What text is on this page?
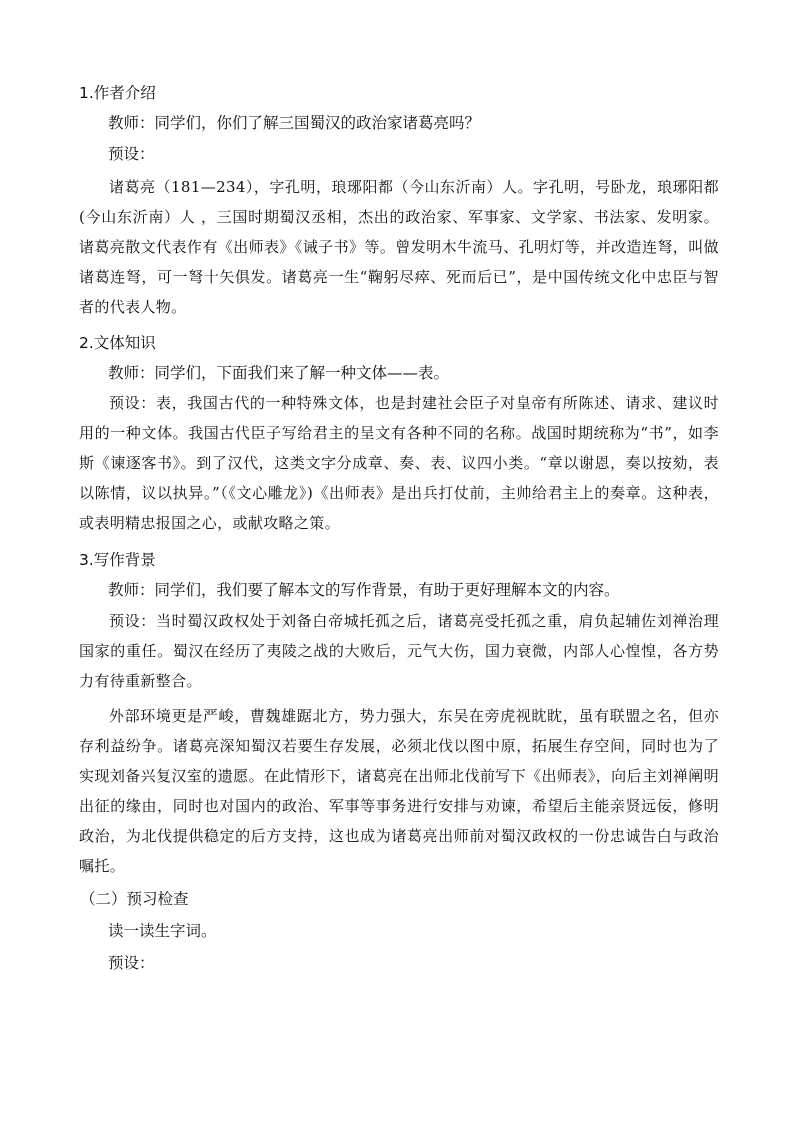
1.作者介绍
教师：同学们，你们了解三国蜀汉的政治家诸葛亮吗？
预设：

诸葛亮（181—234），字孔明，琅琊阳都（今山东沂南）人。字孔明，号卧龙，琅琊阳都(今山东沂南）人 ，三国时期蜀汉丞相，杰出的政治家、军事家、文学家、书法家、发明家。诸葛亮散文代表作有《出师表》《诫子书》等。曾发明木牛流马、孔明灯等，并改造连弩，叫做诸葛连弩，可一弩十矢俱发。诸葛亮一生“鞠躬尽瘁、死而后已”，是中国传统文化中忠臣与智者的代表人物。

2.文体知识
教师：同学们，下面我们来了解一种文体——表。

预设：表，我国古代的一种特殊文体，也是封建社会臣子对皇帝有所陈述、请求、建议时用的一种文体。我国古代臣子写给君主的呈文有各种不同的名称。战国时期统称为“书”，如李斯《谏逐客书》。到了汉代，这类文字分成章、奏、表、议四小类。“章以谢恩，奏以按劾，表以陈情，议以执异。”（《文心雕龙》)《出师表》是出兵打仗前，主帅给君主上的奏章。这种表，或表明精忠报国之心，或献攻略之策。

3.写作背景
教师：同学们，我们要了解本文的写作背景，有助于更好理解本文的内容。

预设：当时蜀汉政权处于刘备白帝城托孤之后，诸葛亮受托孤之重，肩负起辅佐刘禅治理国家的重任。蜀汉在经历了夷陵之战的大败后，元气大伤，国力衰微，内部人心惶惶，各方势力有待重新整合。

外部环境更是严峻，曹魏雄踞北方，势力强大，东吴在旁虎视眈眈，虽有联盟之名，但亦存利益纷争。诸葛亮深知蜀汉若要生存发展，必须北伐以图中原，拓展生存空间，同时也为了实现刘备兴复汉室的遗愿。在此情形下，诸葛亮在出师北伐前写下《出师表》，向后主刘禅阐明出征的缘由，同时也对国内的政治、军事等事务进行安排与劝谏，希望后主能亲贤远佞，修明政治，为北伐提供稳定的后方支持，这也成为诸葛亮出师前对蜀汉政权的一份忠诚告白与政治嘱托。

（二）预习检查
读一读生字词。
预设：
